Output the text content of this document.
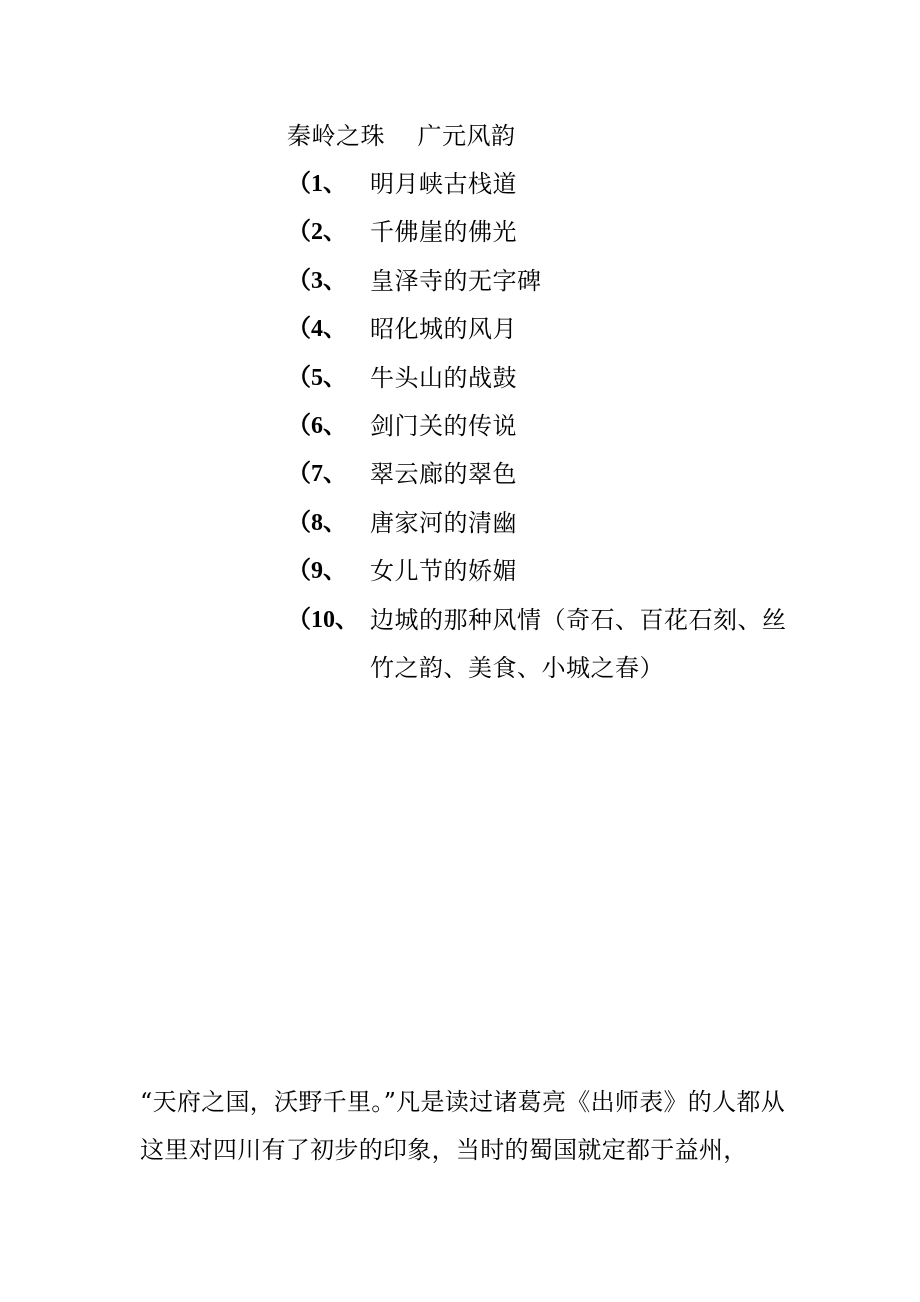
秦岭之珠    广元风韵
（1、 明月峡古栈道
（2、 千佛崖的佛光
（3、 皇泽寺的无字碑
（4、 昭化城的风月
（5、 牛头山的战鼓
（6、 剑门关的传说
（7、 翠云廊的翠色
（8、 唐家河的清幽
（9、 女儿节的娇媚
（10、 边城的那种风情（奇石、百花石刻、丝竹之韵、美食、小城之春）
“天府之国，沃野千里。”凡是读过诸葛亮《出师表》的人都从这里对四川有了初步的印象，当时的蜀国就定都于益州，
